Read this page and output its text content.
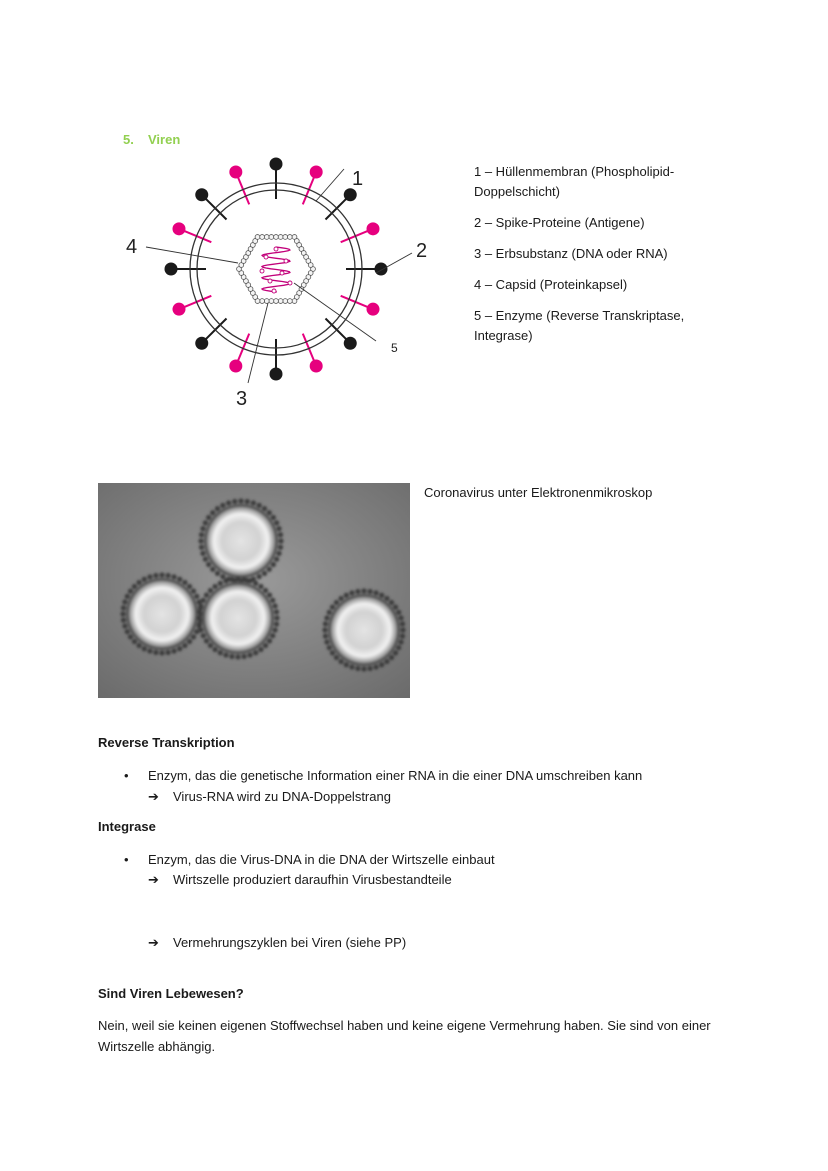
5. Viren
1
2
3
4
5
1 – Hüllenmembran (Phospholipid-Doppelschicht)
2 – Spike-Proteine (Antigene)
3 – Erbsubstanz (DNA oder RNA)
4 – Capsid (Proteinkapsel)
5 – Enzyme (Reverse Transkriptase, Integrase)
Coronavirus unter Elektronenmikroskop
Reverse Transkription
• Enzym, das die genetische Information einer RNA in die einer DNA umschreiben kann
➔ Virus-RNA wird zu DNA-Doppelstrang
Integrase
• Enzym, das die Virus-DNA in die DNA der Wirtszelle einbaut
➔ Wirtszelle produziert daraufhin Virusbestandteile
➔ Vermehrungszyklen bei Viren (siehe PP)
Sind Viren Lebewesen?
Nein, weil sie keinen eigenen Stoffwechsel haben und keine eigene Vermehrung haben. Sie sind von einer Wirtszelle abhängig.
